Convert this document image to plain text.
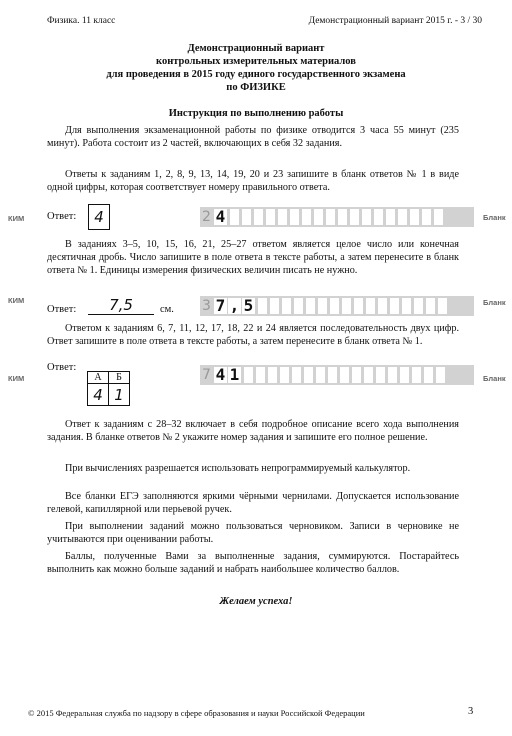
Физика. 11 класс	Демонстрационный вариант 2015 г. - 3 / 30
Демонстрационный вариант
контрольных измерительных материалов
для проведения в 2015 году единого государственного экзамена
по ФИЗИКЕ
Инструкция по выполнению работы
Для выполнения экзаменационной работы по физике отводится 3 часа 55 минут (235 минут). Работа состоит из 2 частей, включающих в себя 32 задания.
Ответы к заданиям 1, 2, 8, 9, 13, 14, 19, 20 и 23 запишите в бланк ответов № 1 в виде одной цифры, которая соответствует номеру правильного ответа.
КИМ Ответ:	4	2 4	Бланк
В заданиях 3–5, 10, 15, 16, 21, 25–27 ответом является целое число или конечная десятичная дробь. Число запишите в поле ответа в тексте работы, а затем перенесите в бланк ответа № 1. Единицы измерения физических величин писать не нужно.
КИМ
Ответ:	7,5	см. 3 7 , 5	Бланк
Ответом к заданиям 6, 7, 11, 12, 17, 18, 22 и 24 является последовательность двух цифр. Ответ запишите в поле ответа в тексте работы, а затем перенесите в бланк ответа № 1.
КИМ
Ответ:
А	Б
4	1
7 4 1	Бланк
Ответ к заданиям с 28–32 включает в себя подробное описание всего хода выполнения задания. В бланке ответов № 2 укажите номер задания и запишите его полное решение.
При вычислениях разрешается использовать непрограммируемый калькулятор.
Все бланки ЕГЭ заполняются яркими чёрными чернилами. Допускается использование гелевой, капиллярной или перьевой ручек.
При выполнении заданий можно пользоваться черновиком. Записи в черновике не учитываются при оценивании работы.
Баллы, полученные Вами за выполненные задания, суммируются. Постарайтесь выполнить как можно больше заданий и набрать наибольшее количество баллов.
Желаем успеха!
© 2015 Федеральная служба по надзору в сфере образования и науки Российской Федерации	3
